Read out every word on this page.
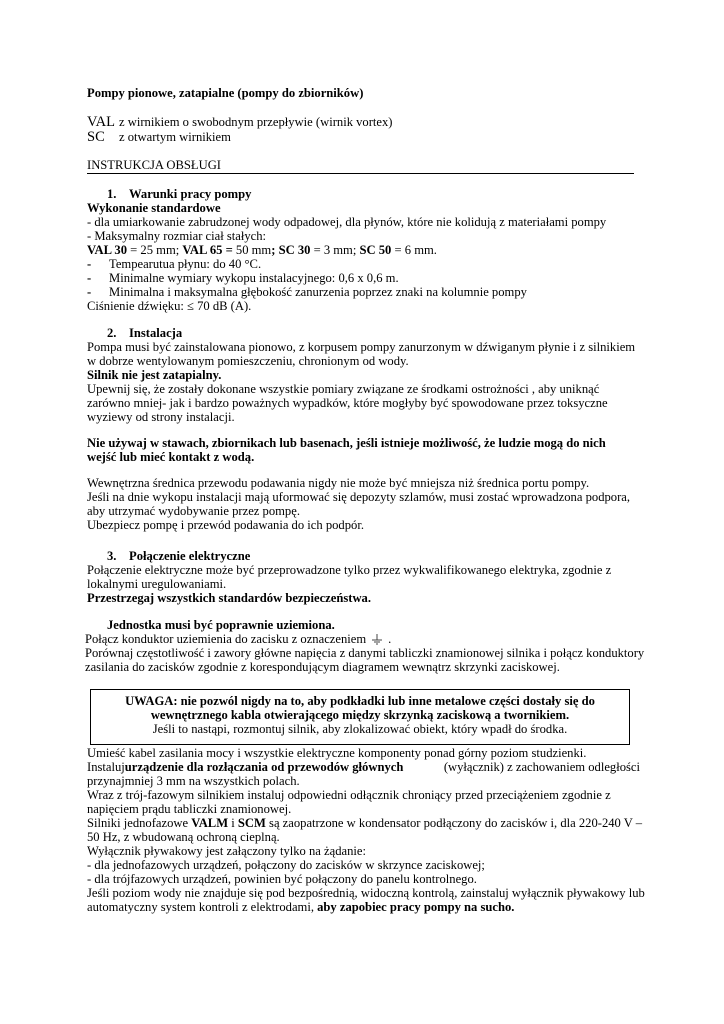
Pompy pionowe, zatapialne (pompy do zbiorników)
VAL z wirnikiem o swobodnym przepływie (wirnik vortex)
SC	z otwartym wirnikiem
INSTRUKCJA OBSŁUGI
1. Warunki pracy pompy
Wykonanie standardowe
- dla umiarkowanie zabrudzonej wody odpadowej, dla płynów, które nie kolidują z materiałami pompy
- Maksymalny rozmiar ciał stałych:
VAL 30 = 25 mm; VAL 65 = 50 mm; SC 30 = 3 mm; SC 50 = 6 mm.
- Tempearutua płynu: do 40 °C.
- Minimalne wymiary wykopu instalacyjnego: 0,6 x 0,6 m.
- Minimalna i maksymalna głębokość zanurzenia poprzez znaki na kolumnie pompy
Ciśnienie dźwięku: ≤ 70 dB (A).
2. Instalacja
Pompa musi być zainstalowana pionowo, z korpusem pompy zanurzonym w dźwiganym płynie i z silnikiem
w dobrze wentylowanym pomieszczeniu, chronionym od wody.
Silnik nie jest zatapialny.
Upewnij się, że zostały dokonane wszystkie pomiary związane ze środkami ostrożności , aby uniknąć
zarówno mniej- jak i bardzo poważnych wypadków, które mogłyby być spowodowane przez toksyczne
wyziewy od strony instalacji.
Nie używaj w stawach, zbiornikach lub basenach, jeśli istnieje możliwość, że ludzie mogą do nich
wejść lub mieć kontakt z wodą.
Wewnętrzna średnica przewodu podawania nigdy nie może być mniejsza niż średnica portu pompy.
Jeśli na dnie wykopu instalacji mają uformować się depozyty szlamów, musi zostać wprowadzona podpora,
aby utrzymać wydobywanie przez pompę.
Ubezpiecz pompę i przewód podawania do ich podpór.
3. Połączenie elektryczne
Połączenie elektryczne może być przeprowadzone tylko przez wykwalifikowanego elektryka, zgodnie z
lokalnymi uregulowaniami.
Przestrzegaj wszystkich standardów bezpieczeństwa.
Jednostka musi być poprawnie uziemiona.
Połącz konduktor uziemienia do zacisku z oznaczeniem .
Porównaj częstotliwość i zawory główne napięcia z danymi tabliczki znamionowej silnika i połącz konduktory
zasilania do zacisków zgodnie z korespondującym diagramem wewnątrz skrzynki zaciskowej.
UWAGA: nie pozwól nigdy na to, aby podkładki lub inne metalowe części dostały się do
wewnętrznego kabla otwierającego między skrzynką zaciskową a twornikiem.
Jeśli to nastąpi, rozmontuj silnik, aby zlokalizować obiekt, który wpadł do środka.
Umieść kabel zasilania mocy i wszystkie elektryczne komponenty ponad górny poziom studzienki.
Instaluj urządzenie dla rozłączania od przewodów głównych	(wyłącznik) z zachowaniem odległości
przynajmniej 3 mm na wszystkich polach.
Wraz z trój-fazowym silnikiem instaluj odpowiedni odłącznik chroniący przed przeciążeniem zgodnie z
napięciem prądu tabliczki znamionowej.
Silniki jednofazowe VALM i SCM są zaopatrzone w kondensator podłączony do zacisków i, dla 220-240 V –
50 Hz, z wbudowaną ochroną cieplną.
Wyłącznik pływakowy jest załączony tylko na żądanie:
- dla jednofazowych urządzeń, połączony do zacisków w skrzynce zaciskowej;
- dla trójfazowych urządzeń, powinien być połączony do panelu kontrolnego.
Jeśli poziom wody nie znajduje się pod bezpośrednią, widoczną kontrolą, zainstaluj wyłącznik pływakowy lub
automatyczny system kontroli z elektrodami, aby zapobiec pracy pompy na sucho.
